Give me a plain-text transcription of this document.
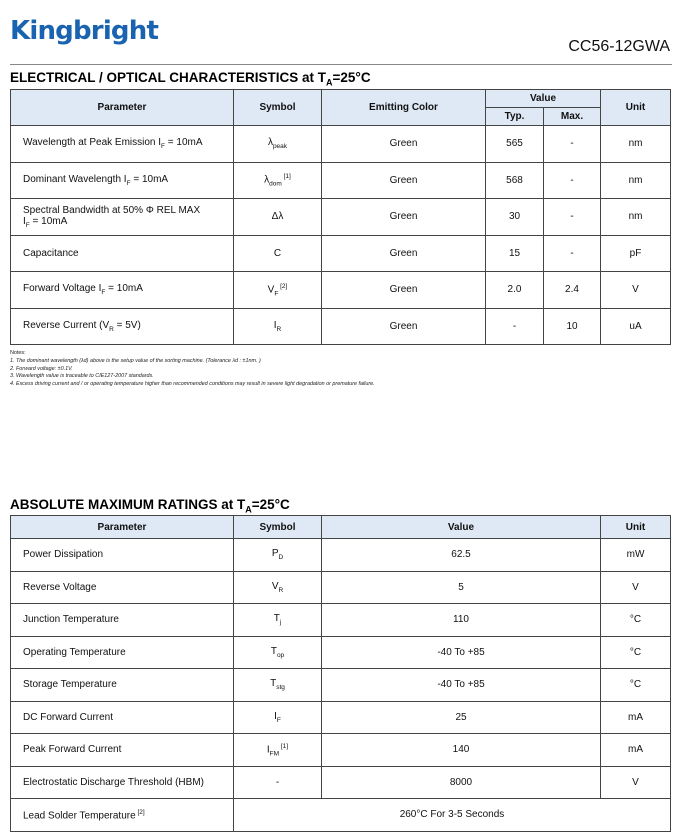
Kingbright
CC56-12GWA
ELECTRICAL / OPTICAL CHARACTERISTICS at $T_A=25^\circ C$
Parameter	Symbol	Emitting Color	Value		Unit
			Typ.	Max.	
Wavelength at Peak Emission $I_F = 10mA$	$\lambda_{peak}$	Green	565	-	nm
Dominant Wavelength $I_F = 10mA$	$\lambda_{dom}$ [1]	Green	568	-	nm
Spectral Bandwidth at 50% Φ REL MAX
$I_F = 10mA$	Δλ	Green	30	-	nm
Capacitance	C	Green	15	-	pF
Forward Voltage $I_F = 10mA$	$V_F$ [2]	Green	2.0	2.4	V
Reverse Current $(V_R = 5V)$	$I_R$	Green	-	10	uA
Notes:
1. The dominant wavelength (λd) above is the setup value of the sorting machine. (Tolerance λd : ±1nm. )
2. Forward voltage: ±0.1V.
3. Wavelength value is traceable to CIE127-2007 standards.
4. Excess driving current and / or operating temperature higher than recommended conditions may result in severe light degradation or premature failure.
ABSOLUTE MAXIMUM RATINGS at $T_A=25^\circ C$
Parameter	Symbol	Value	Unit
Power Dissipation	$P_D$	62.5	mW
Reverse Voltage	$V_R$	5	V
Junction Temperature	$T_j$	110	°C
Operating Temperature	$T_{op}$	-40 To +85	°C
Storage Temperature	$T_{stg}$	-40 To +85	°C
DC Forward Current	$I_F$	25	mA
Peak Forward Current	$I_{FM}$ [1]	140	mA
Electrostatic Discharge Threshold (HBM)	-	8000	V
Lead Solder Temperature [2]	260°C For 3-5 Seconds		
